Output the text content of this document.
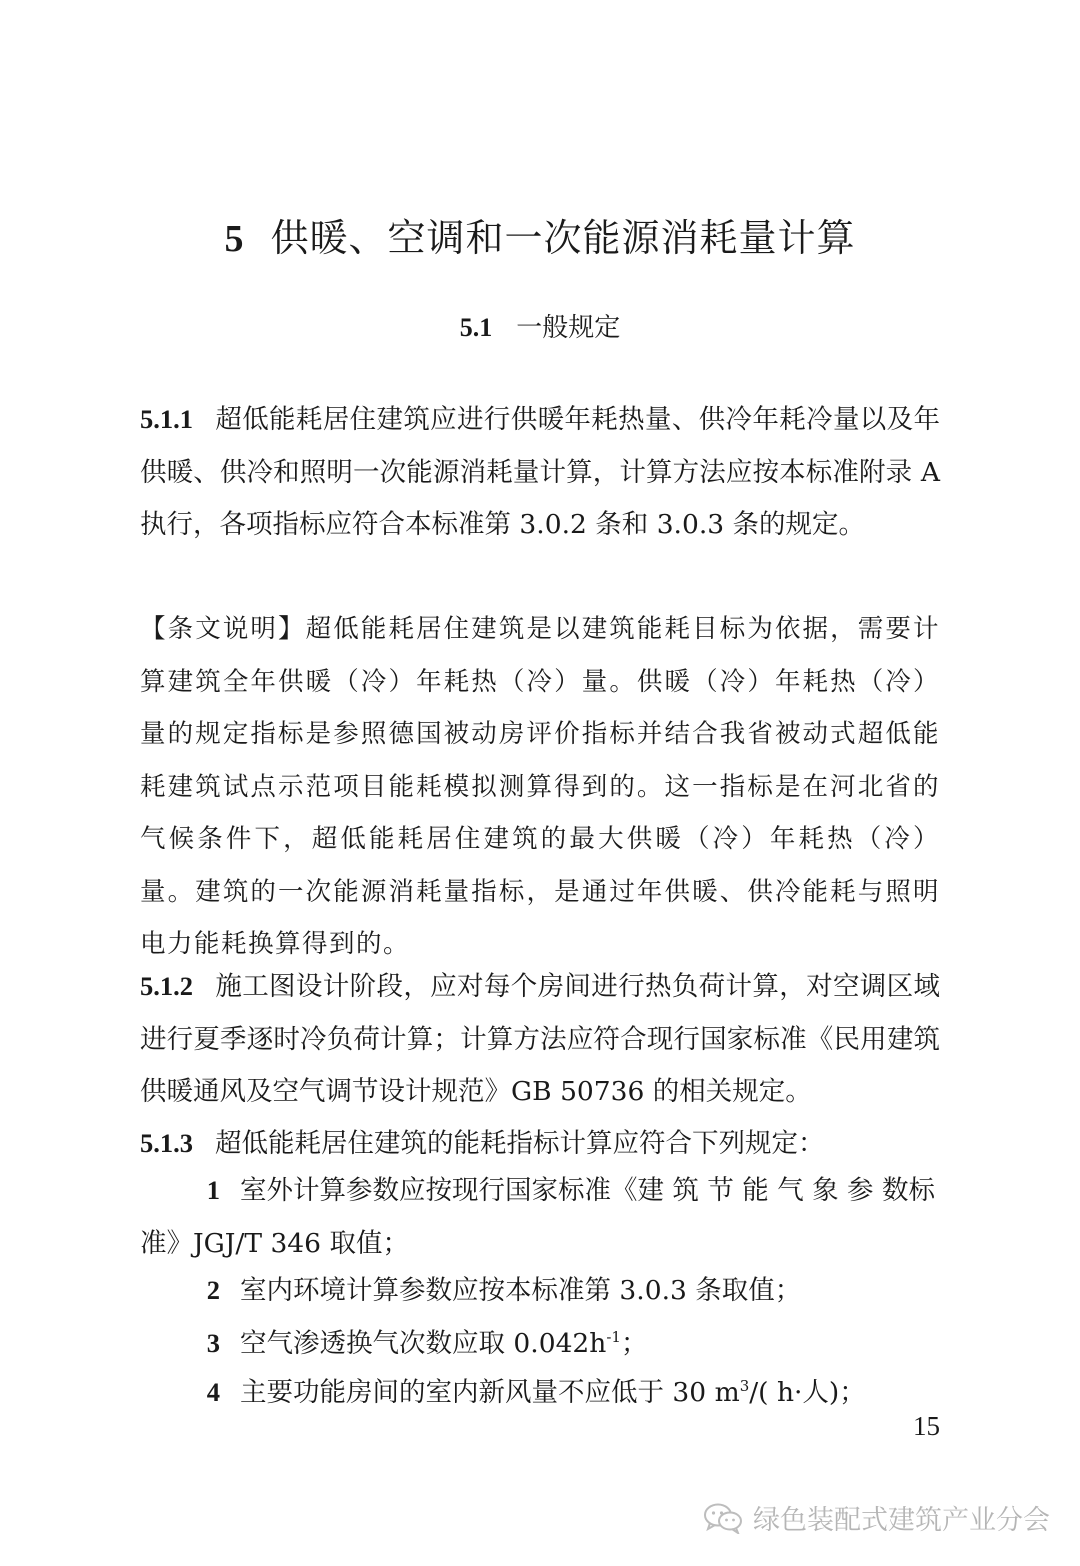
5 供暖、空调和一次能源消耗量计算
5.1 一般规定

5.1.1 超低能耗居住建筑应进行供暖年耗热量、供冷年耗冷量以及年供暖、供冷和照明一次能源消耗量计算，计算方法应按本标准附录 A 执行，各项指标应符合本标准第 3.0.2 条和 3.0.3 条的规定。

【条文说明】超低能耗居住建筑是以建筑能耗目标为依据，需要计算建筑全年供暖（冷）年耗热（冷）量。供暖（冷）年耗热（冷）量的规定指标是参照德国被动房评价指标并结合我省被动式超低能耗建筑试点示范项目能耗模拟测算得到的。这一指标是在河北省的气候条件下，超低能耗居住建筑的最大供暖（冷）年耗热（冷）量。建筑的一次能源消耗量指标，是通过年供暖、供冷能耗与照明电力能耗换算得到的。

5.1.2 施工图设计阶段，应对每个房间进行热负荷计算，对空调区域进行夏季逐时冷负荷计算；计算方法应符合现行国家标准《民用建筑供暖通风及空气调节设计规范》GB 50736 的相关规定。

5.1.3 超低能耗居住建筑的能耗指标计算应符合下列规定：

1 室外计算参数应按现行国家标准《建 筑 节 能 气 象 参 数标 准》JGJ/T 346 取值；

2 室内环境计算参数应按本标准第 3.0.3 条取值；

3 空气渗透换气次数应取 $0.042h^{-1}$；

4 主要功能房间的室内新风量不应低于 30 $m^3/$( h·人)；

15
绿色装配式建筑产业分会
